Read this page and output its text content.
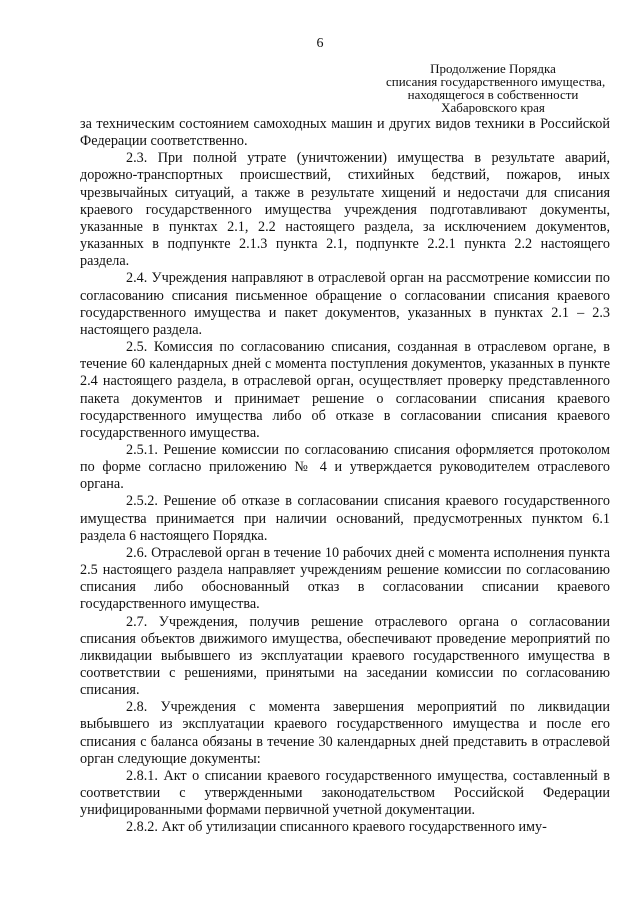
6
Продолжение Порядка
списания государственного имущества,
находящегося в собственности
Хабаровского края

за техническим состоянием самоходных машин и других видов техники в Российской Федерации соответственно.

2.3. При полной утрате (уничтожении) имущества в результате аварий, дорожно-транспортных происшествий, стихийных бедствий, пожаров, иных чрезвычайных ситуаций, а также в результате хищений и недостачи для списания краевого государственного имущества учреждения подготавливают документы, указанные в пунктах 2.1, 2.2 настоящего раздела, за исключением документов, указанных в подпункте 2.1.3 пункта 2.1, подпункте 2.2.1 пункта 2.2 настоящего раздела.

2.4. Учреждения направляют в отраслевой орган на рассмотрение комиссии по согласованию списания письменное обращение о согласовании списания краевого государственного имущества и пакет документов, указанных в пунктах 2.1 – 2.3 настоящего раздела.

2.5. Комиссия по согласованию списания, созданная в отраслевом органе, в течение 60 календарных дней с момента поступления документов, указанных в пункте 2.4 настоящего раздела, в отраслевой орган, осуществляет проверку представленного пакета документов и принимает решение о согласовании списания краевого государственного имущества либо об отказе в согласовании списания краевого государственного имущества.

2.5.1. Решение комиссии по согласованию списания оформляется протоколом по форме согласно приложению № 4 и утверждается руководителем отраслевого органа.

2.5.2. Решение об отказе в согласовании списания краевого государственного имущества принимается при наличии оснований, предусмотренных пунктом 6.1 раздела 6 настоящего Порядка.

2.6. Отраслевой орган в течение 10 рабочих дней с момента исполнения пункта 2.5 настоящего раздела направляет учреждениям решение комиссии по согласованию списания либо обоснованный отказ в согласовании списании краевого государственного имущества.

2.7. Учреждения, получив решение отраслевого органа о согласовании списания объектов движимого имущества, обеспечивают проведение мероприятий по ликвидации выбывшего из эксплуатации краевого государственного имущества в соответствии с решениями, принятыми на заседании комиссии по согласованию списания.

2.8. Учреждения с момента завершения мероприятий по ликвидации выбывшего из эксплуатации краевого государственного имущества и после его списания с баланса обязаны в течение 30 календарных дней представить в отраслевой орган следующие документы:

2.8.1. Акт о списании краевого государственного имущества, составленный в соответствии с утвержденными законодательством Российской Федерации унифицированными формами первичной учетной документации.

2.8.2. Акт об утилизации списанного краевого государственного иму-
